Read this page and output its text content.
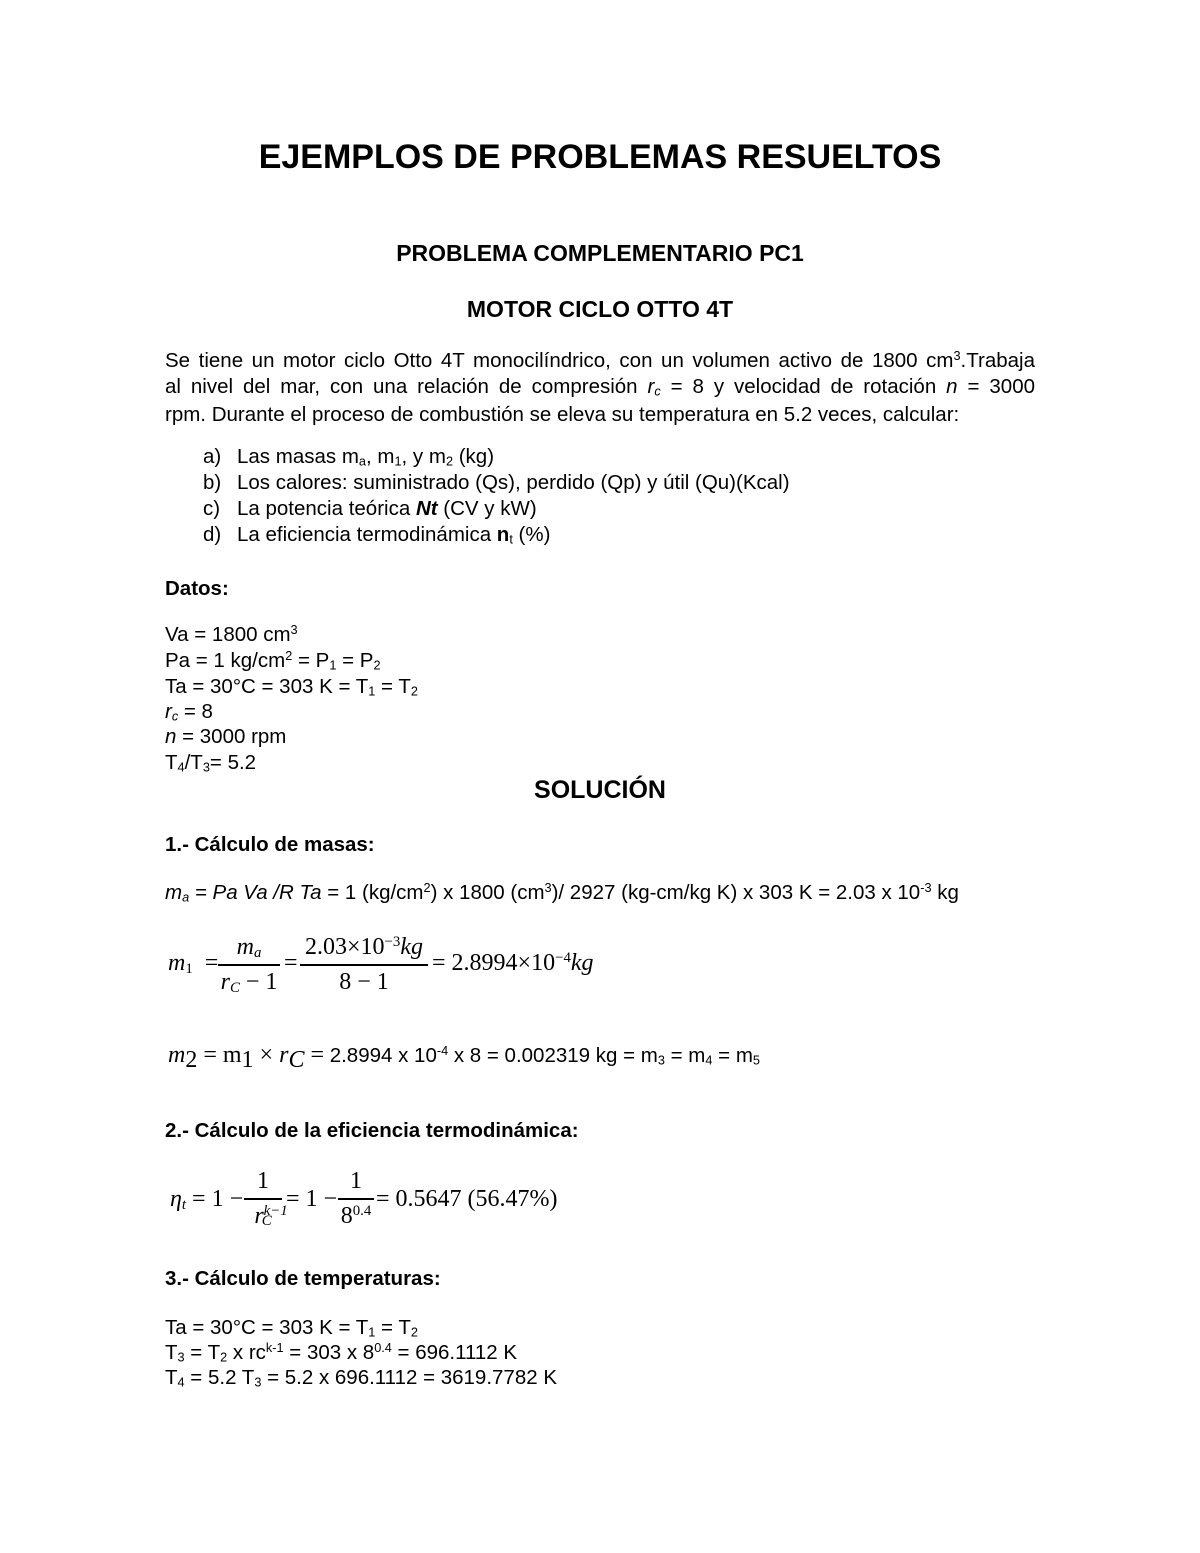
EJEMPLOS DE PROBLEMAS RESUELTOS
PROBLEMA COMPLEMENTARIO PC1
MOTOR CICLO OTTO 4T
Se tiene un motor ciclo Otto 4T monocilíndrico, con un volumen activo de 1800 $cm^3.Trabaja$
al nivel del mar, con una relación de compresión $r_c = 8$ y velocidad de rotación n = 3000
rpm. Durante el proceso de combustión se eleva su temperatura en 5.2 veces, calcular:
a) Las masas $m_a$, $m_1$, y $m_2$ (kg)
b) Los calores: suministrado (Qs), perdido (Qp) y útil (Qu)(Kcal)
c) La potencia teórica Nt (CV y kW)
d) La eficiencia termodinámica $n_t$ (%)
Datos:
Va = 1800 $cm^3$
Pa = 1 $kg/cm^2 = P_1 = P_2$
Ta = 30°C = 303 $K = T_1 = T_2$
$r_c = 8$
n = 3000 rpm
$T_4/T_3= 5.2$
SOLUCIÓN
1.- Cálculo de masas:
$m_a = Pa$ Va /R Ta = 1 $(kg/cm^2)$ x 1800 $(cm^3)/$ 2927 (kg-cm/kg K) x 303 K = 2.03 x $10^{-3}$ kg
$m_1$ =
$m_a$
$r_C - 1$
=
$2.03\times 10^{-3}kg$
8 − 1
= $2.8994\times 10^{-4}kg$
$m_2 = m_1 \times r_C = 2.8994$ x $10^{-4}$ x 8 = 0.002319 kg = $m_3 = m_4 = m_5$
2.- Cálculo de la eficiencia termodinámica:
$\eta_t = 1$ −
1
$r^{k-1}_C$
= 1 −
1
$8^{0.4} = 0.5647$ (56.47%)
3.- Cálculo de temperaturas:
Ta = 30°C = 303 $K = T_1 = T_2$
$T_3 = T_2$ x $rc^{k-1} = 303$ x $8^{0.4} = 696.1112$ K
$T_4 = 5.2$ $T_3 = 5.2$ x 696.1112 = 3619.7782 K
